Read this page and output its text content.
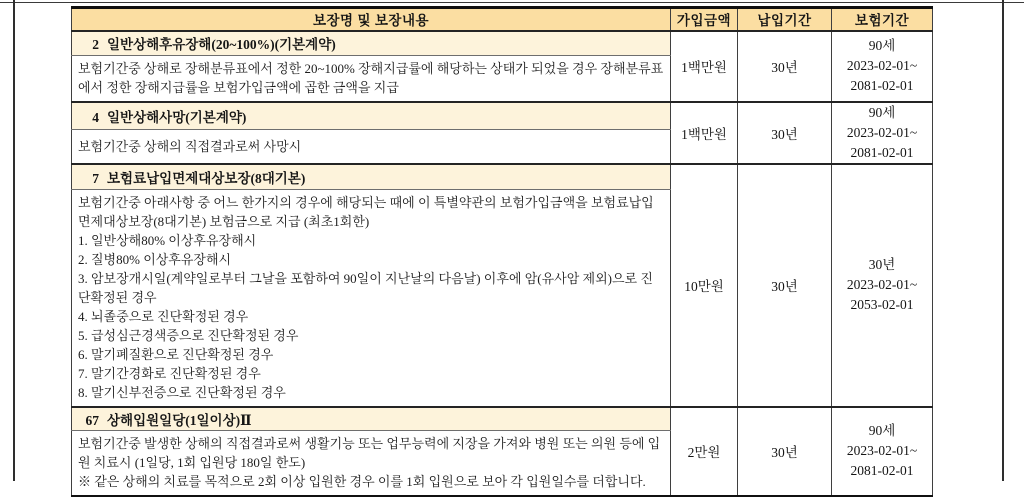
보장명 및 보장내용	가입금액	납입기간	보험기간
2 일반상해후유장해(20~100%)(기본계약)	1백만원	30년	90세
2023-02-01~
2081-02-01

보험기간중 상해로 장해분류표에서 정한 20~100% 장해지급률에 해당하는 상태가 되었을 경우 장해분류표에서 정한 장해지급률을 보험가입금액에 곱한 금액을 지급			

4 일반상해사망(기본계약)	1백만원	30년	90세
2023-02-01~
2081-02-01

보험기간중 상해의 직접결과로써 사망시			

7 보험료납입면제대상보장(8대기본)	10만원	30년	30년
2023-02-01~
2053-02-01

보험기간중 아래사항 중 어느 한가지의 경우에 해당되는 때에 이 특별약관의 보험가입금액을 보험료납입면제대상보장(8대기본) 보험금으로 지급 (최초1회한)
1. 일반상해80% 이상후유장해시
2. 질병80% 이상후유장해시
3. 암보장개시일(계약일로부터 그날을 포함하여 90일이 지난날의 다음날) 이후에 암(유사암 제외)으로 진단확정된 경우
4. 뇌졸중으로 진단확정된 경우
5. 급성심근경색증으로 진단확정된 경우
6. 말기폐질환으로 진단확정된 경우
7. 말기간경화로 진단확정된 경우
8. 말기신부전증으로 진단확정된 경우

67 상해입원일당(1일이상)Ⅱ	2만원	30년	90세
2023-02-01~
2081-02-01

보험기간중 발생한 상해의 직접결과로써 생활기능 또는 업무능력에 지장을 가져와 병원 또는 의원 등에 입원 치료시 (1일당, 1회 입원당 180일 한도)
※ 같은 상해의 치료를 목적으로 2회 이상 입원한 경우 이를 1회 입원으로 보아 각 입원일수를 더합니다.			
